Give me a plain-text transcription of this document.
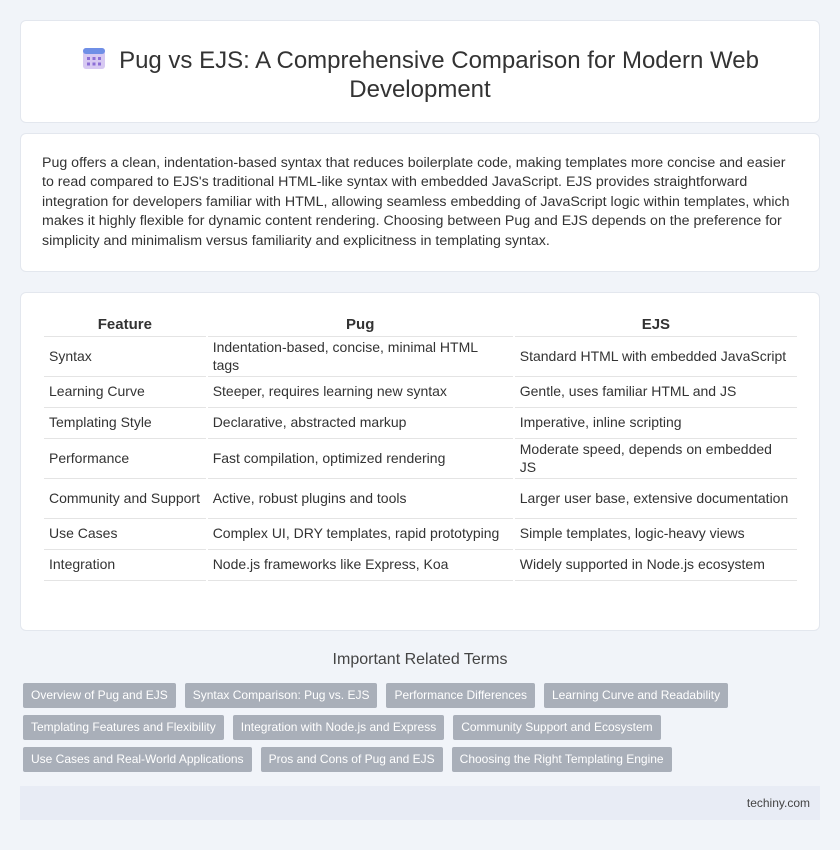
Pug vs EJS: A Comprehensive Comparison for Modern Web Development

Pug offers a clean, indentation-based syntax that reduces boilerplate code, making templates more concise and easier to read compared to EJS's traditional HTML-like syntax with embedded JavaScript. EJS provides straightforward integration for developers familiar with HTML, allowing seamless embedding of JavaScript logic within templates, which makes it highly flexible for dynamic content rendering. Choosing between Pug and EJS depends on the preference for simplicity and minimalism versus familiarity and explicitness in templating syntax.

Feature	Pug	EJS
Syntax	Indentation-based, concise, minimal HTML tags	Standard HTML with embedded JavaScript
Learning Curve	Steeper, requires learning new syntax	Gentle, uses familiar HTML and JS
Templating Style	Declarative, abstracted markup	Imperative, inline scripting
Performance	Fast compilation, optimized rendering	Moderate speed, depends on embedded JS
Community and Support	Active, robust plugins and tools	Larger user base, extensive documentation
Use Cases	Complex UI, DRY templates, rapid prototyping	Simple templates, logic-heavy views
Integration	Node.js frameworks like Express, Koa	Widely supported in Node.js ecosystem
Important Related Terms
Overview of Pug and EJS	Syntax Comparison: Pug vs. EJS	Performance Differences	Learning Curve and Readability
Templating Features and Flexibility	Integration with Node.js and Express	Community Support and Ecosystem
Use Cases and Real-World Applications	Pros and Cons of Pug and EJS	Choosing the Right Templating Engine
techiny.com
